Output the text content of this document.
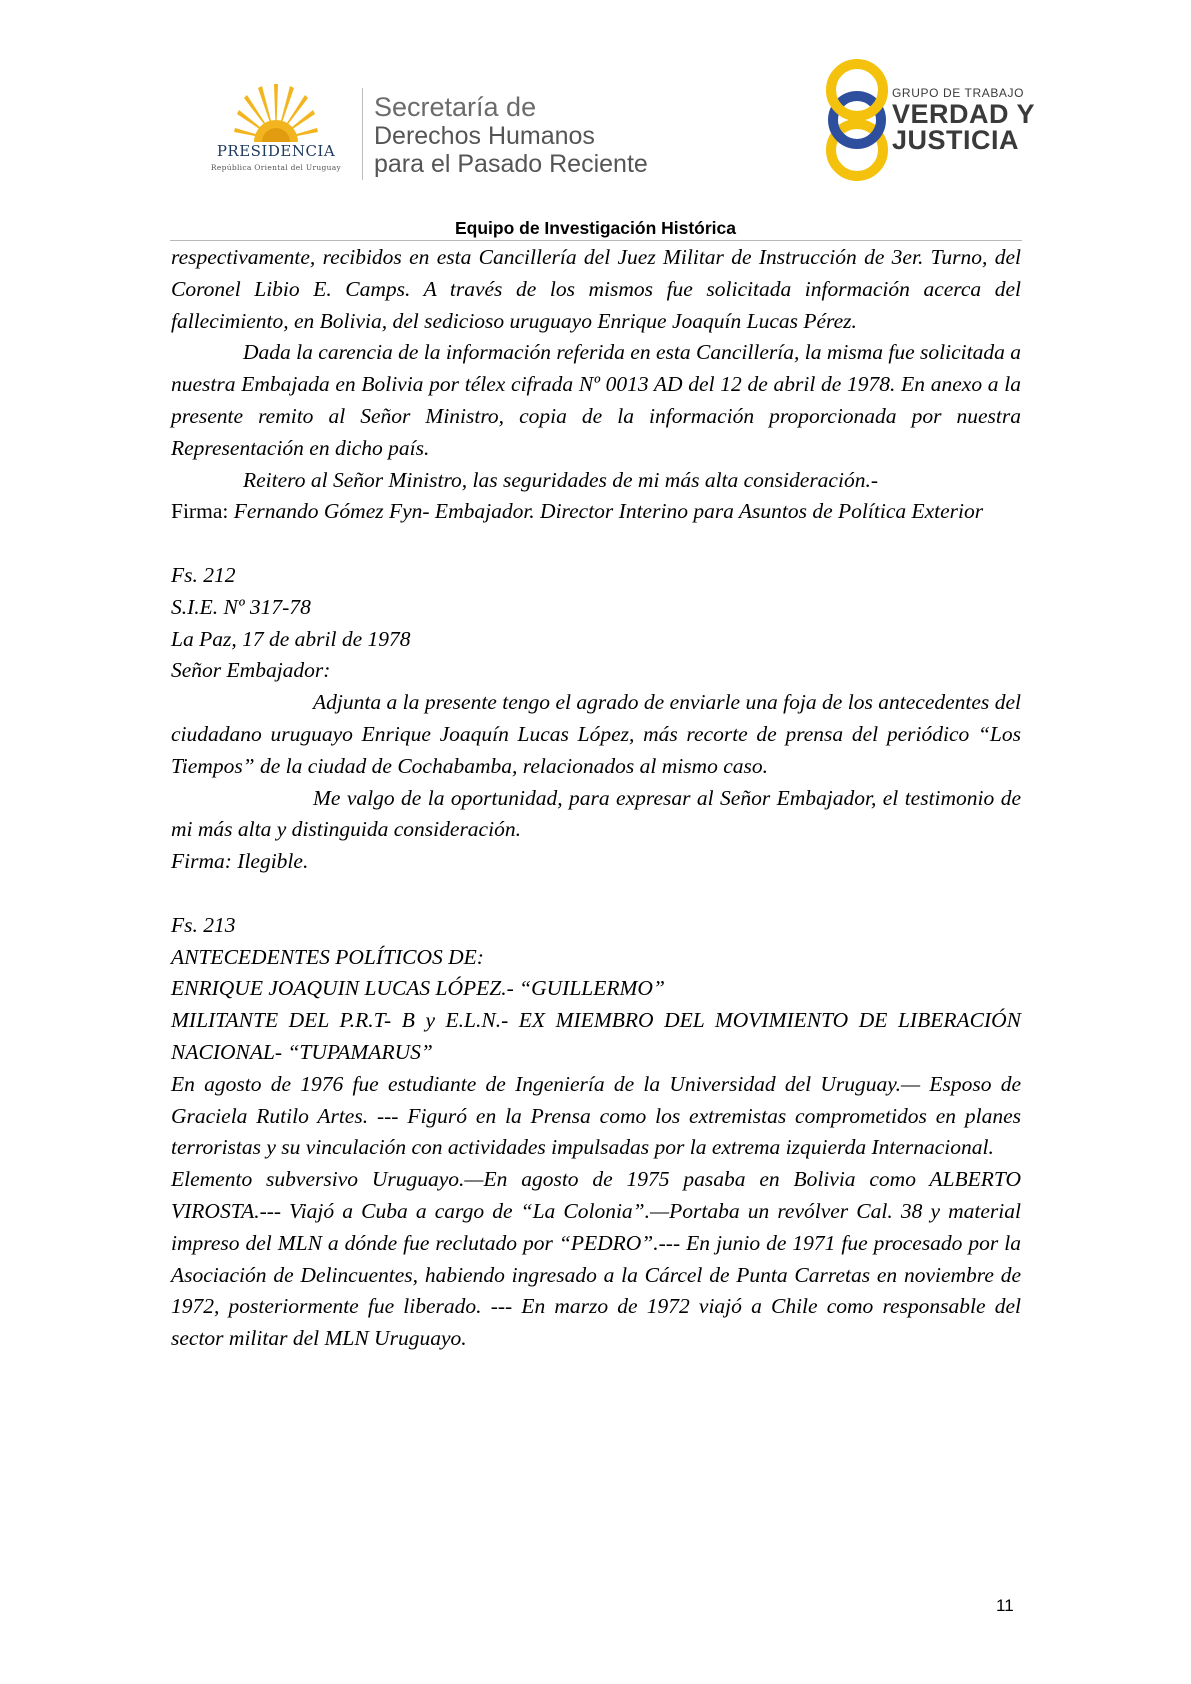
PRESIDENCIA
República Oriental del Uruguay
Secretaría de
Derechos Humanos
para el Pasado Reciente
GRUPO DE TRABAJO
VERDAD Y
JUSTICIA
Equipo de Investigación Histórica

respectivamente, recibidos en esta Cancillería del Juez Militar de Instrucción de 3er. Turno, del Coronel Libio E. Camps. A través de los mismos fue solicitada información acerca del fallecimiento, en Bolivia, del sedicioso uruguayo Enrique Joaquín Lucas Pérez.

Dada la carencia de la información referida en esta Cancillería, la misma fue solicitada a nuestra Embajada en Bolivia por télex cifrada Nº 0013 AD del 12 de abril de 1978. En anexo a la presente remito al Señor Ministro, copia de la información proporcionada por nuestra Representación en dicho país.

Reitero al Señor Ministro, las seguridades de mi más alta consideración.-

Firma: Fernando Gómez Fyn- Embajador. Director Interino para Asuntos de Política Exterior

Fs. 212

S.I.E. Nº 317-78

La Paz, 17 de abril de 1978

Señor Embajador:

Adjunta a la presente tengo el agrado de enviarle una foja de los antecedentes del ciudadano uruguayo Enrique Joaquín Lucas López, más recorte de prensa del periódico “Los Tiempos” de la ciudad de Cochabamba, relacionados al mismo caso.

Me valgo de la oportunidad, para expresar al Señor Embajador, el testimonio de mi más alta y distinguida consideración.

Firma: Ilegible.

Fs. 213

ANTECEDENTES POLÍTICOS DE:

ENRIQUE JOAQUIN LUCAS LÓPEZ.- “GUILLERMO”

MILITANTE DEL P.R.T- B y E.L.N.- EX MIEMBRO DEL MOVIMIENTO DE LIBERACIÓN NACIONAL- “TUPAMARUS”

En agosto de 1976 fue estudiante de Ingeniería de la Universidad del Uruguay.— Esposo de Graciela Rutilo Artes. --- Figuró en la Prensa como los extremistas comprometidos en planes terroristas y su vinculación con actividades impulsadas por la extrema izquierda Internacional.

Elemento subversivo Uruguayo.—En agosto de 1975 pasaba en Bolivia como ALBERTO VIROSTA.--- Viajó a Cuba a cargo de “La Colonia”.—Portaba un revólver Cal. 38 y material impreso del MLN a dónde fue reclutado por “PEDRO”.--- En junio de 1971 fue procesado por la Asociación de Delincuentes, habiendo ingresado a la Cárcel de Punta Carretas en noviembre de 1972, posteriormente fue liberado. --- En marzo de 1972 viajó a Chile como responsable del sector militar del MLN Uruguayo.

11
